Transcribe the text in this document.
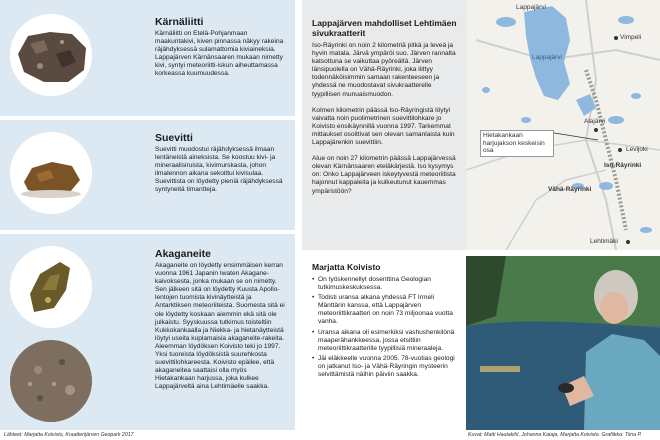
Kärnäliitti

Kärnäliitti on Etelä-Pohjanmaan maakuntakivi, kiven pinnassa näkyy rakeina räjähdyksessä sulamattomia kiviaineksia. Lappajärven Kärnänsaaren mukaan nimetty kivi, syntyi meteoriitti-iskun aiheuttamassa korkeassa kuumuudessa.

Suevitti

Suevitti muodostui räjähdyksessä ilmaan lentäneistä aineksista. Se koostuu kivi- ja mineraalisiruista, kivimurskasta, johon ilmalennon aikana sekoittui kivisulaa. Suevittista on löydetty pieniä räjähdyksessä syntyneitä timantteja.

Akaganeite

Akaganeite on löydetty ensimmäisen kerran vuonna 1961 Japanin Iwaten Akagane-kaivoksesta, jonka mukaan se on nimetty. Sen jälkeen sitä on löydetty Kuusta Apollo-lentojen tuomista kivinäytteistä ja Antarktiksen meteoriiteista. Suomesta sitä ei ole löydetty koskaan aiemmin ekä sitä ole julkaistu. Syyskuussa tutkimus toisteltiin Kukkokankaalla ja Niekka- ja hietanäytteistä löytyi useita kuplamaisia akaganeite-rakeita. Aleemman löydöksen Koivisto teki jo 1997. Yksi tuoreista löydöksistä suurehkosta suevittilohkareesta. Koivisto epäilee, että akaganeitea saattaisi olla myös Hietakankaan harjussa, joka kulkee Lappajärveltä aina Lehtimäelle saakka.

Lappajärven mahdolliset Lehtimäen sivukraatterit

Iso-Räyrinki on noin 2 kilometriä pitkä ja leveä ja hyvin matala. Järvä ympäröi suo. Järven rannalta katsottuna se vaikuttaa pyöreältä. Järven länsipuolella on Vähä-Räyrinki, joka liittyy todennäköisimmin samaan rakenteeseen ja yhdessä ne muodostavat sivukraatterelle tyypillisen munuaismuodon.

Kolmen kilometrin päässä Iso-Räyringistä löytyi vaivatta noin puolimetrinen suevittilohkare jo Koivisto ensikäynnillä vuonna 1997. Tarkemmat mittaukset osoittivat sen olevan samanlaista kuin Lappajärenkin suevittiin.

Alue on noin 27 kilometrin päässä Lappajärvessä olevan Kärnänsaaren eteläkärjestä. Iso kysymys on: Onko Lappajärveen iskeytyvestä meteoriitista hajonnut kappaleita ja kulkeutunut kauemmas ympäristöön?

Lappajärvi
Vimpeli
Lappajärvi
Alajärvi
Levijoki
Hietakankaan harjujakson keskeisin osa
Iso-Räyrinki
Vähä-Räyrinki
Lehtimäki
Marjatta Koivisto
• On työskennellyt dosenttina Geologian tutkimuskeskuksessa.
• Todisti uransa alkana yhdessä FT Irmeli Mänttärin kanssa, että Lappajärven meteoriittikraatteri on noin 73 miljoonaa vuotta vanha.
• Uransa aikana oli esimerkiksi vashushenkilönä maaperähankkeessa, jossa etsittiin meteoriittikraatterille tyypillisiä mineraaleja.
• Jäi eläkkeelle vuonna 2005. 78-vuotias geologi on jatkanut Iso- ja Vähä-Räyringin mysteerin selvittämistä näihin päiviin saakka.
Lähteet: Marjatta Koivisto, Kraatterijärven Geopark 2017	Kuvat: Matti Hautakihl, Johanna Kataja, Marjatta Koivisto. Grafiikka: Tiina P.
